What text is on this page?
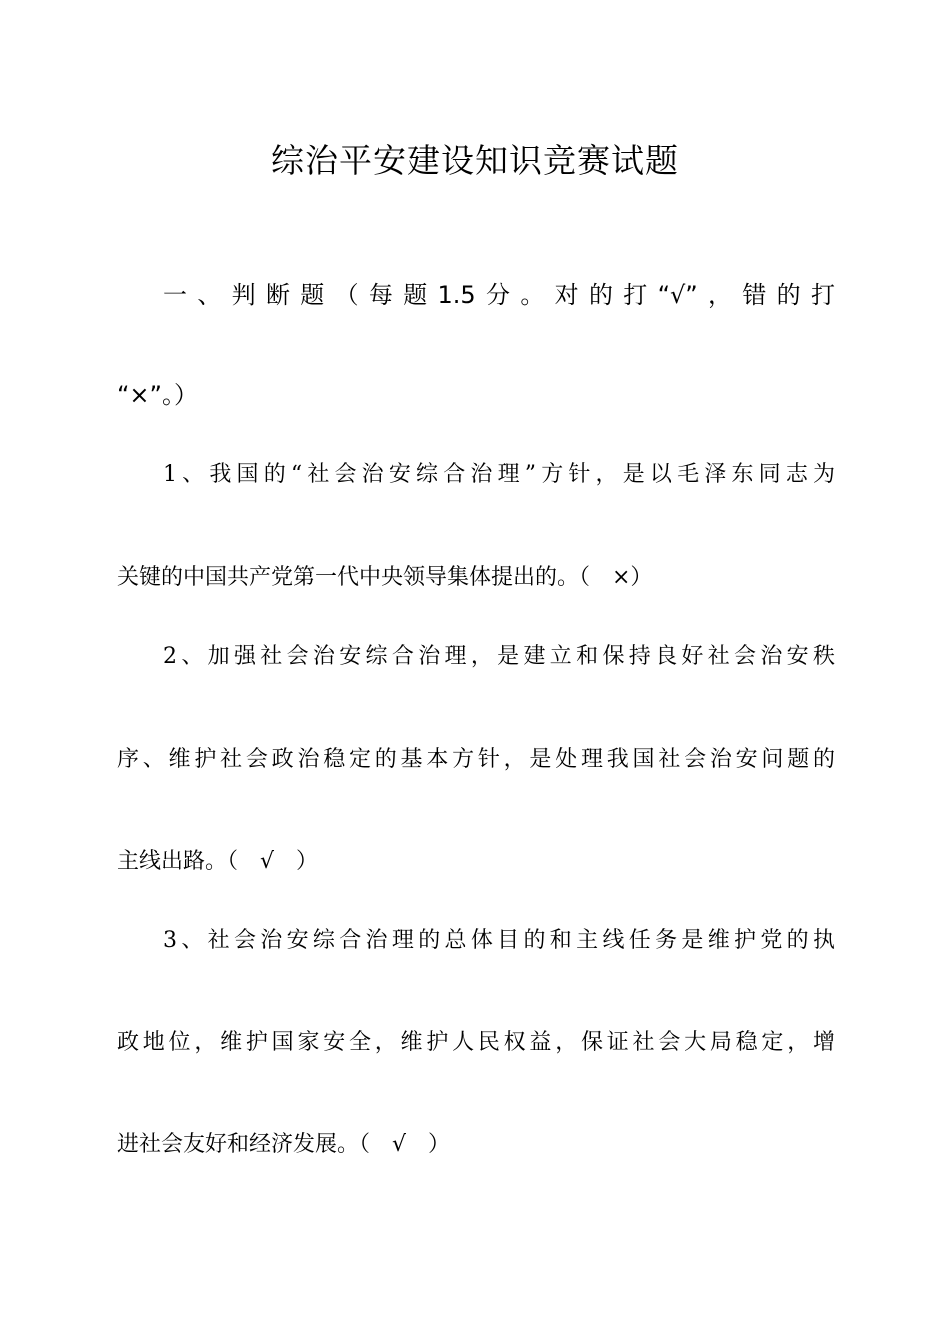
综治平安建设知识竞赛试题

一、判断题（每题1.5分。对的打“√”，错的打

“×”。）

1、我国的“社会治安综合治理”方针，是以毛泽东同志为

关键的中国共产党第一代中央领导集体提出的。（　×）

2、加强社会治安综合治理，是建立和保持良好社会治安秩

序、维护社会政治稳定的基本方针，是处理我国社会治安问题的

主线出路。（　√　）

3、社会治安综合治理的总体目的和主线任务是维护党的执

政地位，维护国家安全，维护人民权益，保证社会大局稳定，增

进社会友好和经济发展。（　√　）
